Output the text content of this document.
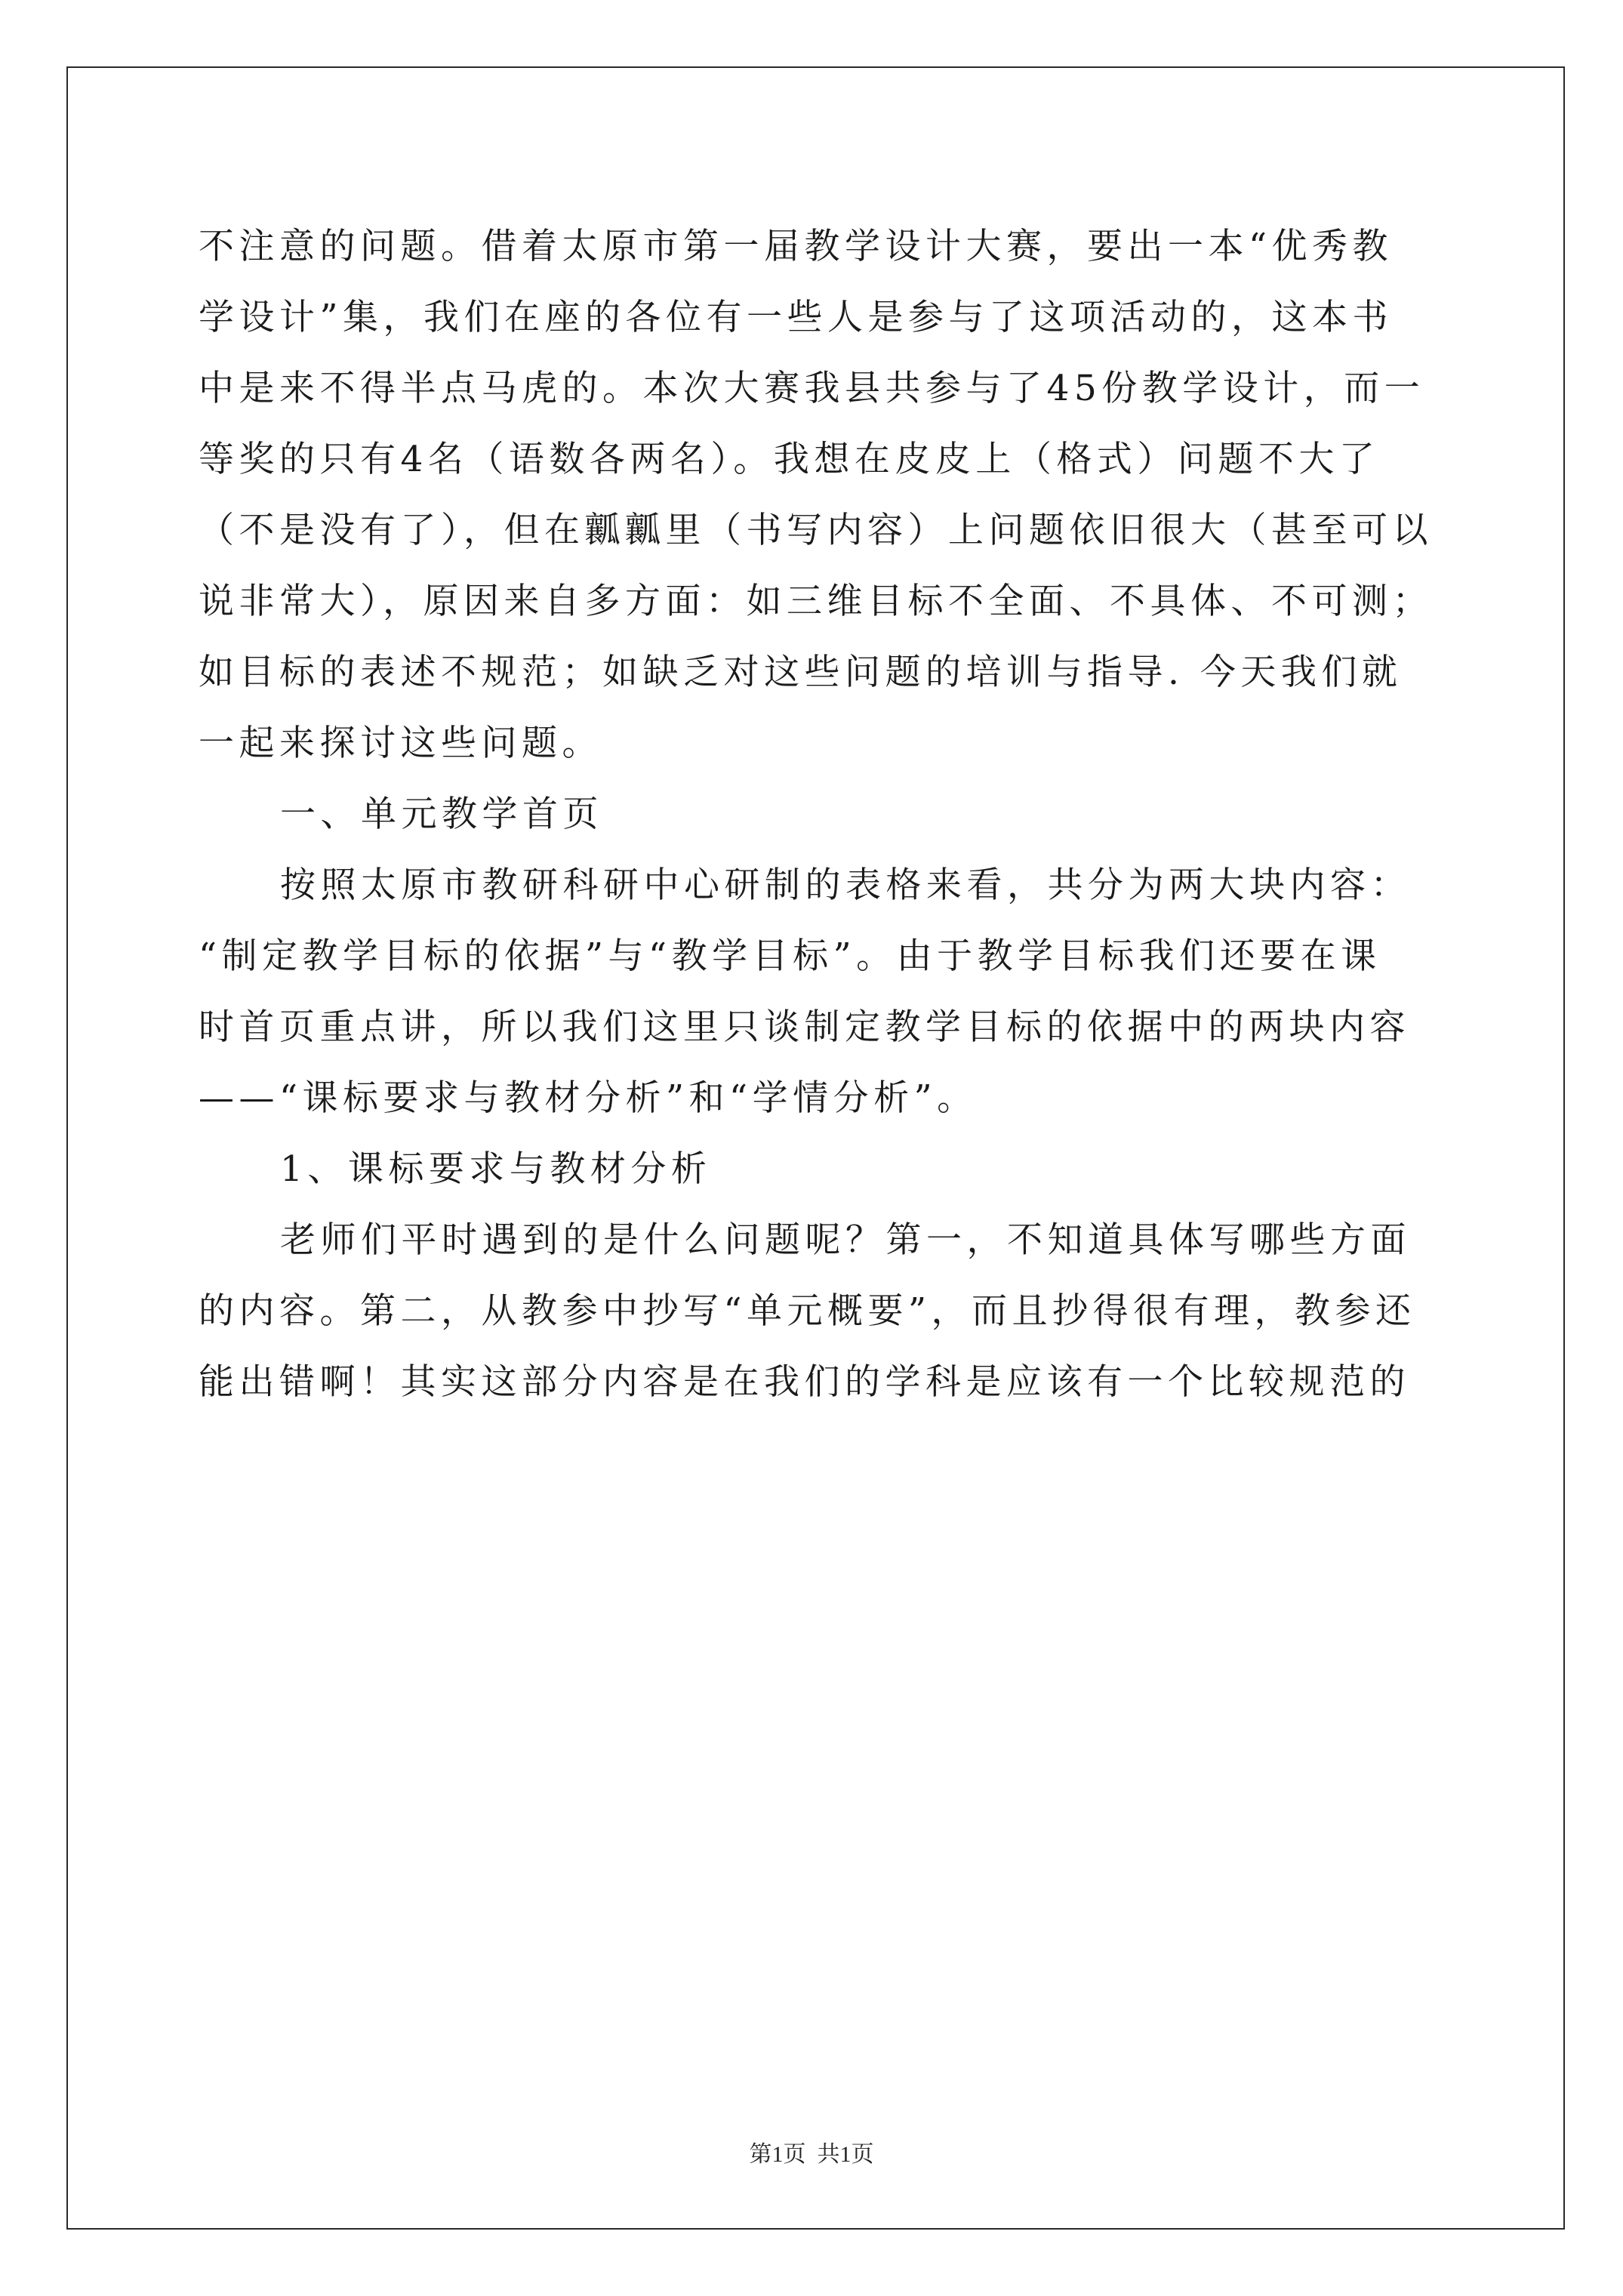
不注意的问题。借着太原市第一届教学设计大赛，要出一本“优秀教

学设计”集，我们在座的各位有一些人是参与了这项活动的，这本书

中是来不得半点马虎的。本次大赛我县共参与了45份教学设计，而一

等奖的只有4名（语数各两名）。我想在皮皮上（格式）问题不大了

（不是没有了），但在瓤瓤里（书写内容）上问题依旧很大（甚至可以

说非常大），原因来自多方面：如三维目标不全面、不具体、不可测；

如目标的表述不规范；如缺乏对这些问题的培训与指导. 今天我们就

一起来探讨这些问题。

一、单元教学首页

按照太原市教研科研中心研制的表格来看，共分为两大块内容：

“制定教学目标的依据”与“教学目标”。由于教学目标我们还要在课

时首页重点讲，所以我们这里只谈制定教学目标的依据中的两块内容

——“课标要求与教材分析”和“学情分析”。

1、课标要求与教材分析

老师们平时遇到的是什么问题呢？第一，不知道具体写哪些方面

的内容。第二，从教参中抄写“单元概要”，而且抄得很有理，教参还

能出错啊！其实这部分内容是在我们的学科是应该有一个比较规范的

第1页  共1页
